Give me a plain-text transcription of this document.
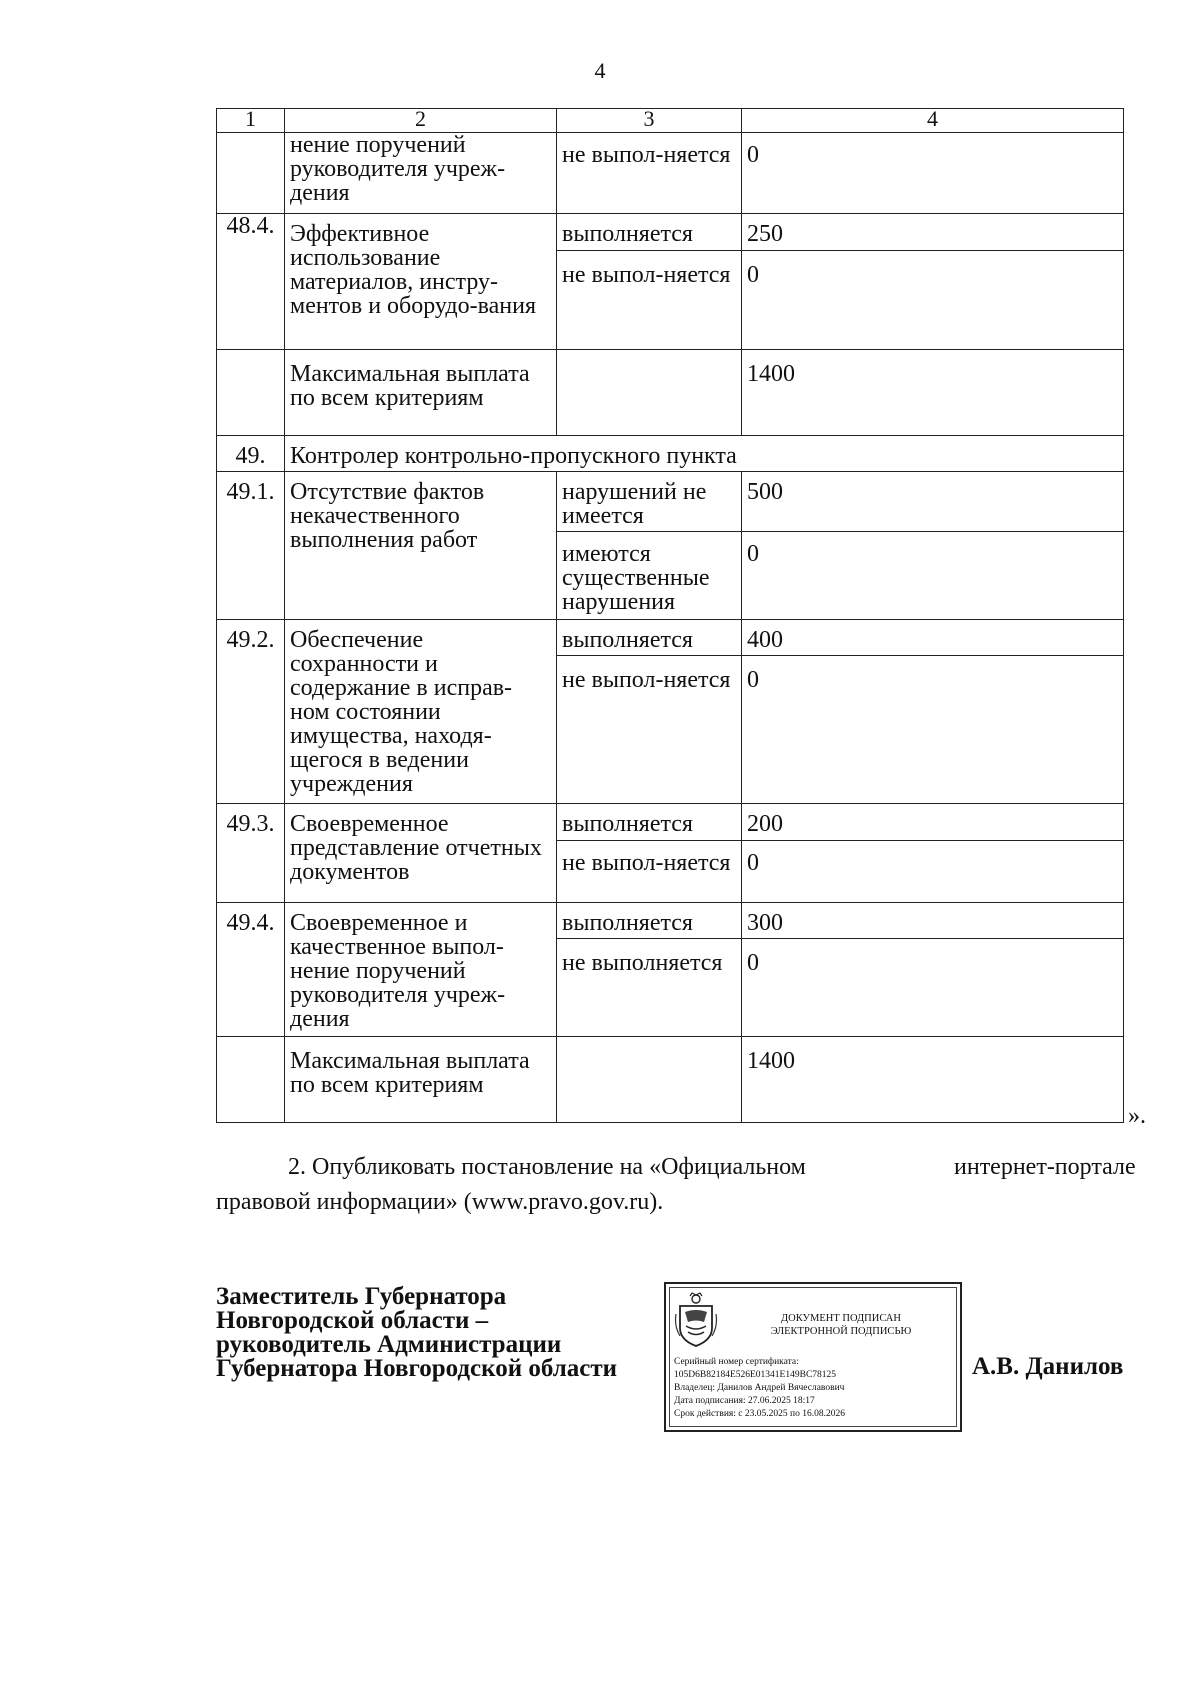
4
1	2	3	4
	нение поручений руководителя учреж-дения	не выпол-няется	0
48.4.	Эффективное использование материалов, инстру-ментов и оборудо-вания	выполняется	250
		не выпол-няется	0
	Максимальная выплата по всем критериям		1400
49.	Контролер контрольно-пропускного пункта		
49.1.	Отсутствие фактов некачественного выполнения работ	нарушений не имеется	500
		имеются существенные нарушения	0
49.2.	Обеспечение сохранности и содержание в исправ-ном состоянии имущества, находя-щегося в ведении учреждения	выполняется	400
		не выпол-няется	0
49.3.	Своевременное представление отчетных документов	выполняется	200
		не выпол-няется	0
49.4.	Своевременное и качественное выпол-нение поручений руководителя учреж-дения	выполняется	300
		не выполняется	0
	Максимальная выплата по всем критериям		1400
».
2. Опубликовать постановление на «Официальном	интернет-портале
правовой информации» (www.pravo.gov.ru).
Заместитель Губернатора
Новгородской области –
руководитель Администрации
Губернатора Новгородской области
ДОКУМЕНТ ПОДПИСАН
ЭЛЕКТРОННОЙ ПОДПИСЬЮ
Серийный номер сертификата:
105D6B82184E526E01341E149BC78125
Владелец: Данилов Андрей Вячеславович
Дата подписания: 27.06.2025 18:17
Срок действия: с 23.05.2025 по 16.08.2026
А.В. Данилов
